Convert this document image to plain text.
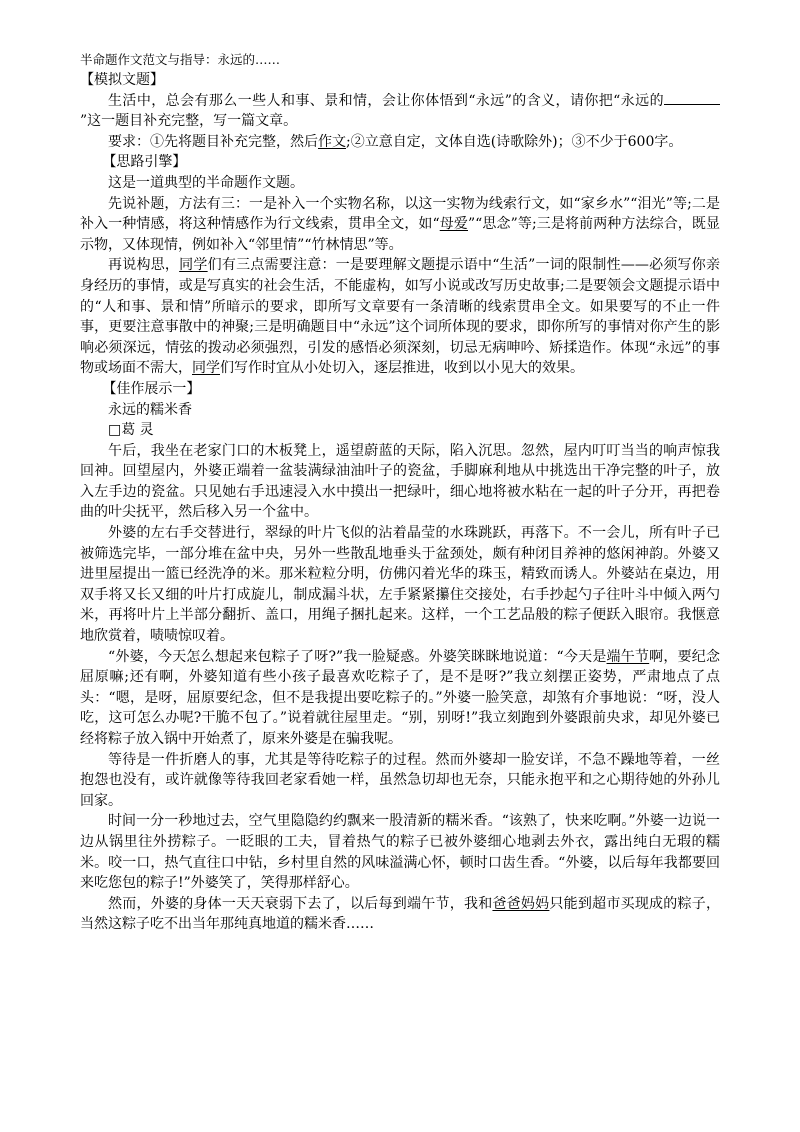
半命题作文范文与指导：永远的……

【模拟文题】

生活中，总会有那么一些人和事、景和情，会让你体悟到“永远”的含义，请你把“永远的”这一题目补充完整，写一篇文章。

要求：①先将题目补充完整，然后作文;②立意自定，文体自选(诗歌除外)；③不少于600字。

【思路引擎】

这是一道典型的半命题作文题。

先说补题，方法有三：一是补入一个实物名称，以这一实物为线索行文，如“家乡水”“泪光”等;二是补入一种情感，将这种情感作为行文线索，贯串全文，如“母爱”“思念”等;三是将前两种方法综合，既显示物，又体现情，例如补入“邻里情”“竹林情思”等。

再说构思，同学们有三点需要注意：一是要理解文题提示语中“生活”一词的限制性——必须写你亲身经历的事情，或是写真实的社会生活，不能虚构，如写小说或改写历史故事;二是要领会文题提示语中的“人和事、景和情”所暗示的要求，即所写文章要有一条清晰的线索贯串全文。如果要写的不止一件事，更要注意事散中的神聚;三是明确题目中“永远”这个词所体现的要求，即你所写的事情对你产生的影响必须深远，情弦的拨动必须强烈，引发的感悟必须深刻，切忌无病呻吟、矫揉造作。体现“永远”的事物或场面不需大，同学们写作时宜从小处切入，逐层推进，收到以小见大的效果。

【佳作展示一】

永远的糯米香

□葛 灵

午后，我坐在老家门口的木板凳上，遥望蔚蓝的天际，陷入沉思。忽然，屋内叮叮当当的响声惊我回神。回望屋内，外婆正端着一盆装满绿油油叶子的瓷盆，手脚麻利地从中挑选出干净完整的叶子，放入左手边的瓷盆。只见她右手迅速浸入水中摸出一把绿叶，细心地将被水粘在一起的叶子分开，再把卷曲的叶尖抚平，然后移入另一个盆中。

外婆的左右手交替进行，翠绿的叶片飞似的沾着晶莹的水珠跳跃，再落下。不一会儿，所有叶子已被筛选完毕，一部分堆在盆中央，另外一些散乱地垂头于盆颈处，颇有种闭目养神的悠闲神韵。外婆又进里屋提出一篮已经洗净的米。那米粒粒分明，仿佛闪着光华的珠玉，精致而诱人。外婆站在桌边，用双手将又长又细的叶片打成旋儿，制成漏斗状，左手紧紧攥住交接处，右手抄起勺子往叶斗中倾入两勺米，再将叶片上半部分翻折、盖口，用绳子捆扎起来。这样，一个工艺品般的粽子便跃入眼帘。我惬意地欣赏着，啧啧惊叹着。

“外婆，今天怎么想起来包粽子了呀?”我一脸疑惑。外婆笑眯眯地说道：“今天是端午节啊，要纪念屈原嘛;还有啊，外婆知道有些小孩子最喜欢吃粽子了，是不是呀?”我立刻摆正姿势，严肃地点了点头：“嗯，是呀，屈原要纪念，但不是我提出要吃粽子的。”外婆一脸笑意，却煞有介事地说：“呀，没人吃，这可怎么办呢?干脆不包了。”说着就往屋里走。“别，别呀!”我立刻跑到外婆跟前央求，却见外婆已经将粽子放入锅中开始煮了，原来外婆是在骗我呢。

等待是一件折磨人的事，尤其是等待吃粽子的过程。然而外婆却一脸安详，不急不躁地等着，一丝抱怨也没有，或许就像等待我回老家看她一样，虽然急切却也无奈，只能永抱平和之心期待她的外孙儿回家。

时间一分一秒地过去，空气里隐隐约约飘来一股清新的糯米香。“该熟了，快来吃啊。”外婆一边说一边从锅里往外捞粽子。一眨眼的工夫，冒着热气的粽子已被外婆细心地剥去外衣，露出纯白无瑕的糯米。咬一口，热气直往口中钻，乡村里自然的风味溢满心怀，顿时口齿生香。“外婆，以后每年我都要回来吃您包的粽子!”外婆笑了，笑得那样舒心。

然而，外婆的身体一天天衰弱下去了，以后每到端午节，我和爸爸妈妈只能到超市买现成的粽子，当然这粽子吃不出当年那纯真地道的糯米香……
